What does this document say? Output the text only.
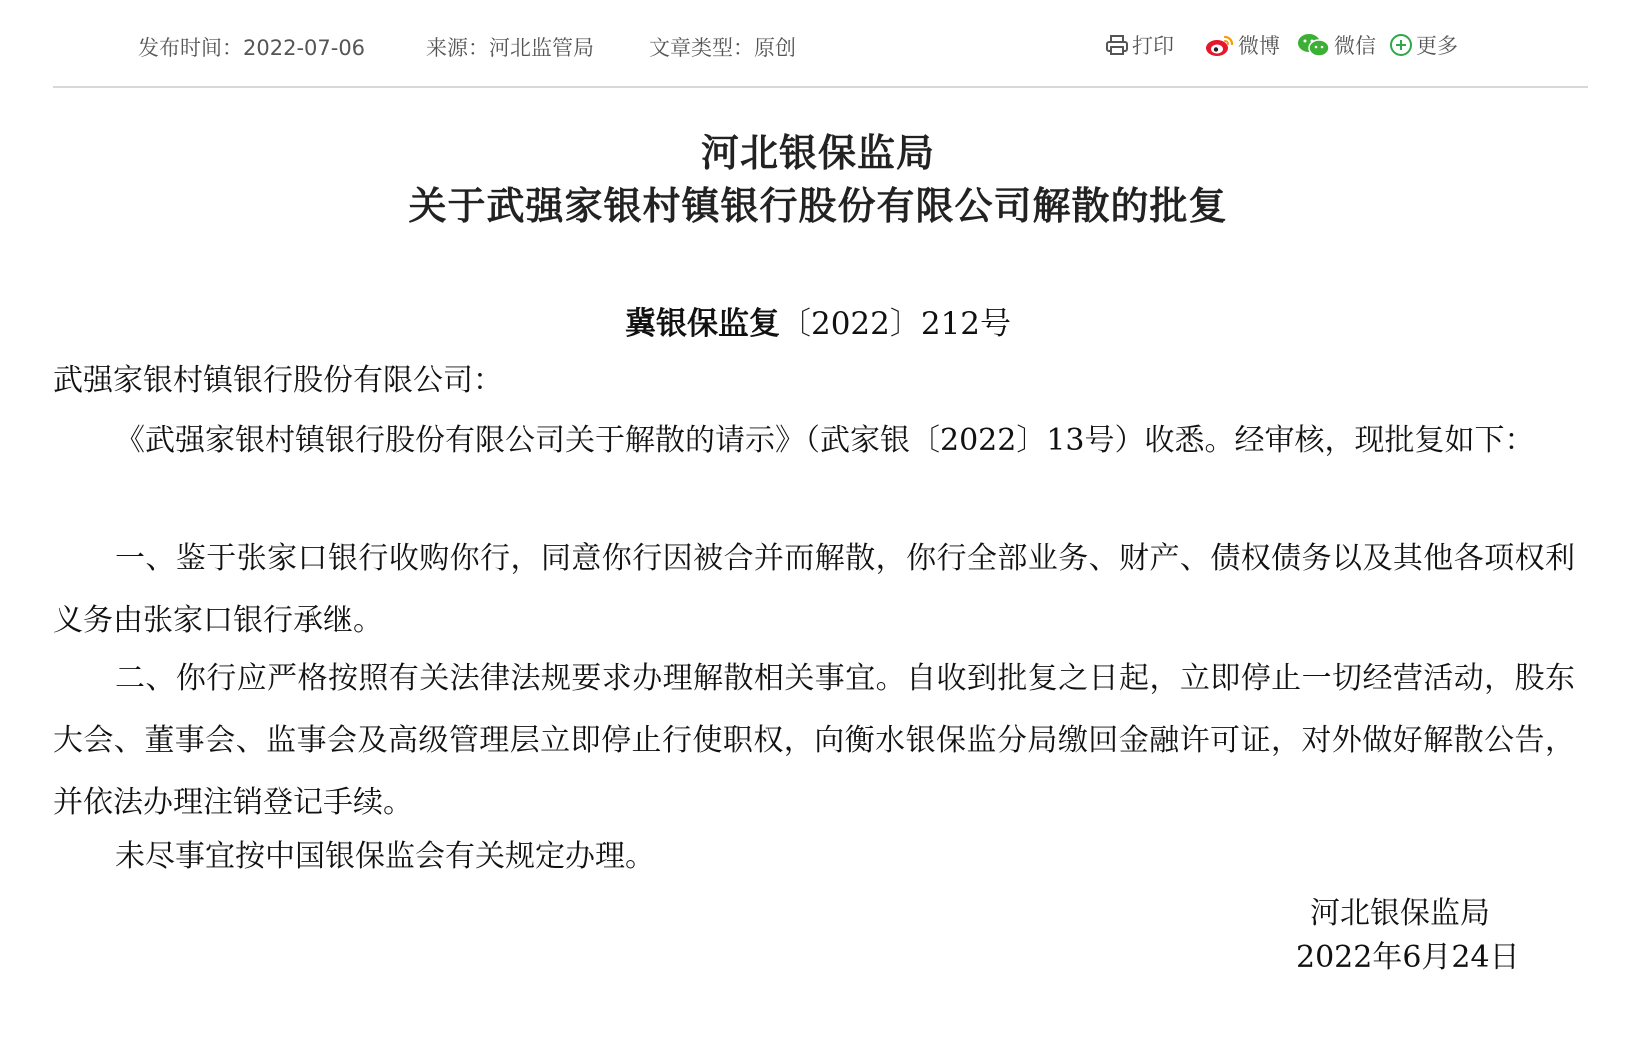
发布时间：2022-07-06	来源：河北监管局	文章类型：原创	打印	微博	微信 更多
河北银保监局
关于武强家银村镇银行股份有限公司解散的批复
冀银保监复〔2022〕212号
武强家银村镇银行股份有限公司：
《武强家银村镇银行股份有限公司关于解散的请示》（武家银〔2022〕13号）收悉。经审核，现批复如下：
一、鉴于张家口银行收购你行，同意你行因被合并而解散，你行全部业务、财产、债权债务以及其他各项权利义务由张家口银行承继。
二、你行应严格按照有关法律法规要求办理解散相关事宜。自收到批复之日起，立即停止一切经营活动，股东大会、董事会、监事会及高级管理层立即停止行使职权，向衡水银保监分局缴回金融许可证，对外做好解散公告，并依法办理注销登记手续。
未尽事宜按中国银保监会有关规定办理。
河北银保监局
2022年6月24日
